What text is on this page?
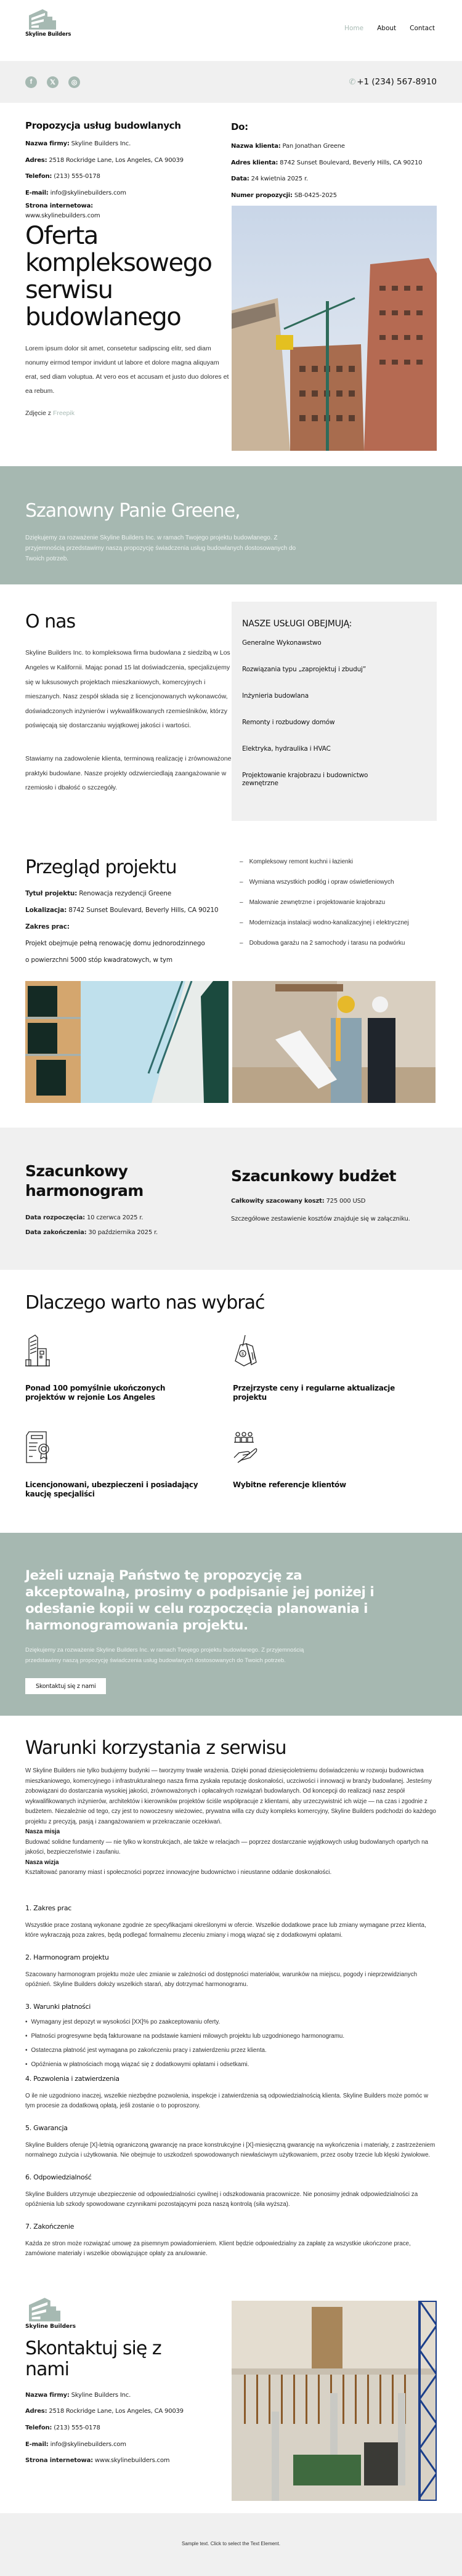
Skyline Builders
Home About Contact
f	𝕏	◎	✆ +1 (234) 567-8910
Propozycja usług budowlanych

Nazwa firmy: Skyline Builders Inc.

Adres: 2518 Rockridge Lane, Los Angeles, CA 90039

Telefon: (213) 555-0178

E-mail: info@skylinebuilders.com

Strona internetowa:
www.skylinebuilders.com

Do:

Nazwa klienta: Pan Jonathan Greene

Adres klienta: 8742 Sunset Boulevard, Beverly Hills, CA 90210

Data: 24 kwietnia 2025 r.

Numer propozycji: SB-0425-2025

Oferta kompleksowego serwisu budowlanego

Lorem ipsum dolor sit amet, consetetur sadipscing elitr, sed diam nonumy eirmod tempor invidunt ut labore et dolore magna aliquyam erat, sed diam voluptua. At vero eos et accusam et justo duo dolores et ea rebum.

Zdjęcie z Freepik

Szanowny Panie Greene,

Dziękujemy za rozważenie Skyline Builders Inc. w ramach Twojego projektu budowlanego. Z przyjemnością przedstawimy naszą propozycję świadczenia usług budowlanych dostosowanych do Twoich potrzeb.

O nas

Skyline Builders Inc. to kompleksowa firma budowlana z siedzibą w Los Angeles w Kalifornii. Mając ponad 15 lat doświadczenia, specjalizujemy się w luksusowych projektach mieszkaniowych, komercyjnych i mieszanych. Nasz zespół składa się z licencjonowanych wykonawców, doświadczonych inżynierów i wykwalifikowanych rzemieślników, którzy poświęcają się dostarczaniu wyjątkowej jakości i wartości.

Stawiamy na zadowolenie klienta, terminową realizację i zrównoważone praktyki budowlane. Nasze projekty odzwierciedlają zaangażowanie w rzemiosło i dbałość o szczegóły.

NASZE USŁUGI OBEJMUJĄ:
Generalne Wykonawstwo
Rozwiązania typu „zaprojektuj i zbuduj”
Inżynieria budowlana
Remonty i rozbudowy domów
Elektryka, hydraulika i HVAC
Projektowanie krajobrazu i budownictwo zewnętrzne
Przegląd projektu

Tytuł projektu: Renowacja rezydencji Greene

Lokalizacja: 8742 Sunset Boulevard, Beverly Hills, CA 90210

Zakres prac:

Projekt obejmuje pełną renowację domu jednorodzinnego o powierzchni 5000 stóp kwadratowych, w tym

– Kompleksowy remont kuchni i łazienki
– Wymiana wszystkich podłóg i opraw oświetleniowych
– Malowanie zewnętrzne i projektowanie krajobrazu
– Modernizacja instalacji wodno-kanalizacyjnej i elektrycznej
– Dobudowa garażu na 2 samochody i tarasu na podwórku
Szacunkowy harmonogram

Data rozpoczęcia: 10 czerwca 2025 r.

Data zakończenia: 30 października 2025 r.

Szacunkowy budżet

Całkowity szacowany koszt: 725 000 USD

Szczegółowe zestawienie kosztów znajduje się w załączniku.

Dlaczego warto nas wybrać
Ponad 100 pomyślnie ukończonych projektów w rejonie Los Angeles
$
Przejrzyste ceny i regularne aktualizacje projektu
Licencjonowani, ubezpieczeni i posiadający kaucję specjaliści
Wybitne referencje klientów
Jeżeli uznają Państwo tę propozycję za akceptowalną, prosimy o podpisanie jej poniżej i odesłanie kopii w celu rozpoczęcia planowania i harmonogramowania projektu.

Dziękujemy za rozważenie Skyline Builders Inc. w ramach Twojego projektu budowlanego. Z przyjemnością przedstawimy naszą propozycję świadczenia usług budowlanych dostosowanych do Twoich potrzeb.

Skontaktuj się z nami
Warunki korzystania z serwisu
W Skyline Builders nie tylko budujemy budynki — tworzymy trwałe wrażenia. Dzięki ponad dziesięcioletniemu doświadczeniu w rozwoju budownictwa mieszkaniowego, komercyjnego i infrastrukturalnego nasza firma zyskała reputację doskonałości, uczciwości i innowacji w branży budowlanej. Jesteśmy zobowiązani do dostarczania wysokiej jakości, zrównoważonych i opłacalnych rozwiązań budowlanych. Od koncepcji do realizacji nasz zespół wykwalifikowanych inżynierów, architektów i kierowników projektów ściśle współpracuje z klientami, aby urzeczywistnić ich wizje — na czas i zgodnie z budżetem. Niezależnie od tego, czy jest to nowoczesny wieżowiec, prywatna willa czy duży kompleks komercyjny, Skyline Builders podchodzi do każdego projektu z precyzją, pasją i zaangażowaniem w przekraczanie oczekiwań.
Nasza misja
Budować solidne fundamenty — nie tylko w konstrukcjach, ale także w relacjach — poprzez dostarczanie wyjątkowych usług budowlanych opartych na jakości, bezpieczeństwie i zaufaniu.
Nasza wizja
Kształtować panoramy miast i społeczności poprzez innowacyjne budownictwo i nieustanne oddanie doskonałości.
1. Zakres prac

Wszystkie prace zostaną wykonane zgodnie ze specyfikacjami określonymi w ofercie. Wszelkie dodatkowe prace lub zmiany wymagane przez klienta, które wykraczają poza zakres, będą podlegać formalnemu zleceniu zmiany i mogą wiązać się z dodatkowymi opłatami.

2. Harmonogram projektu

Szacowany harmonogram projektu może ulec zmianie w zależności od dostępności materiałów, warunków na miejscu, pogody i nieprzewidzianych opóźnień. Skyline Builders dołoży wszelkich starań, aby dotrzymać harmonogramu.

3. Warunki płatności
• Wymagany jest depozyt w wysokości [XX]% po zaakceptowaniu oferty.
• Płatności progresywne będą fakturowane na podstawie kamieni milowych projektu lub uzgodnionego harmonogramu.
• Ostateczna płatność jest wymagana po zakończeniu pracy i zatwierdzeniu przez klienta.
• Opóźnienia w płatnościach mogą wiązać się z dodatkowymi opłatami i odsetkami.
4. Pozwolenia i zatwierdzenia

O ile nie uzgodniono inaczej, wszelkie niezbędne pozwolenia, inspekcje i zatwierdzenia są odpowiedzialnością klienta. Skyline Builders może pomóc w tym procesie za dodatkową opłatą, jeśli zostanie o to poproszony.

5. Gwarancja

Skyline Builders oferuje [X]-letnią ograniczoną gwarancję na prace konstrukcyjne i [X]-miesięczną gwarancję na wykończenia i materiały, z zastrzeżeniem normalnego zużycia i użytkowania. Nie obejmuje to uszkodzeń spowodowanych niewłaściwym użytkowaniem, przez osoby trzecie lub klęski żywiołowe.

6. Odpowiedzialność

Skyline Builders utrzymuje ubezpieczenie od odpowiedzialności cywilnej i odszkodowania pracownicze. Nie ponosimy jednak odpowiedzialności za opóźnienia lub szkody spowodowane czynnikami pozostającymi poza naszą kontrolą (siła wyższa).

7. Zakończenie

Każda ze stron może rozwiązać umowę za pisemnym powiadomieniem. Klient będzie odpowiedzialny za zapłatę za wszystkie ukończone prace, zamówione materiały i wszelkie obowiązujące opłaty za anulowanie.

Skyline Builders
Skontaktuj się z nami

Nazwa firmy: Skyline Builders Inc.

Adres: 2518 Rockridge Lane, Los Angeles, CA 90039

Telefon: (213) 555-0178

E-mail: info@skylinebuilders.com

Strona internetowa: www.skylinebuilders.com

Sample text. Click to select the Text Element.
